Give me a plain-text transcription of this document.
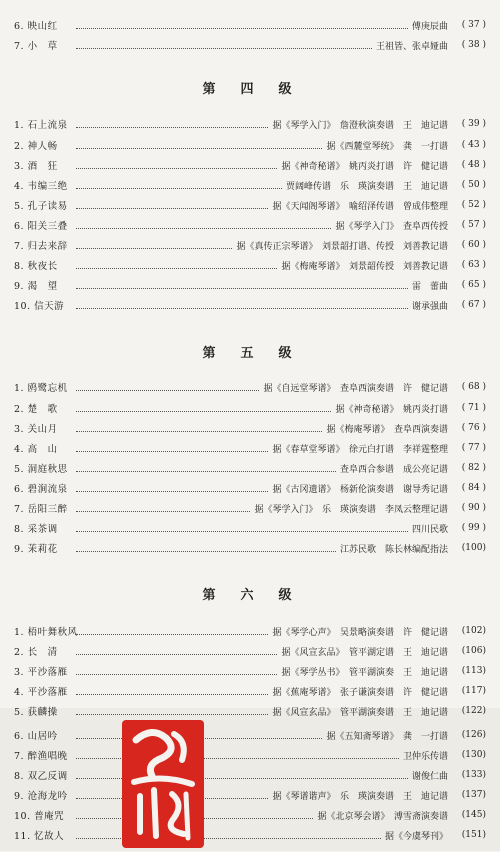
6. 映山红	傅庚辰曲	( 37 )
7. 小　草	王祖皆、张卓娅曲	( 38 )
第　四　级
1. 石上流泉	据《琴学入门》　詹澄秋演奏谱　王　迪记谱	( 39 )
2. 神人畅	据《西麓堂琴统》　龚　一打谱	( 43 )
3. 酒　狂	据《神奇秘谱》　姚丙炎打谱　许　健记谱	( 48 )
4. 韦编三绝	贾阔峰传谱　乐　瑛演奏谱　王　迪记谱	( 50 )
5. 孔子读易	据《天闻阁琴谱》　喻绍泽传谱　曾成伟整理	( 52 )
6. 阳关三叠	据《琴学入门》　查阜西传授	( 57 )
7. 归去来辞	据《真传正宗琴谱》　刘景韶打谱、传授　刘善教记谱	( 60 )
8. 秋夜长	据《梅庵琴谱》　刘景韶传授　刘善教记谱	( 63 )
9. 渴　望	雷　蕾曲	( 65 )
10. 信天游	谢承强曲	( 67 )
第　五　级
1. 鸥鹭忘机	据《自远堂琴谱》　查阜西演奏谱　许　健记谱	( 68 )
2. 楚　歌	据《神奇秘谱》　姚丙炎打谱	( 71 )
3. 关山月	据《梅庵琴谱》　查阜西演奏谱	( 76 )
4. 高　山	据《春草堂琴谱》　徐元白打谱　李祥霆整理	( 77 )
5. 洞庭秋思	查阜西合参谱　成公亮记谱	( 82 )
6. 碧涧流泉	据《古冈遗谱》　杨新伦演奏谱　谢导秀记谱	( 84 )
7. 岳阳三醉	据《琴学入门》　乐　瑛演奏谱　李凤云整理记谱	( 90 )
8. 采茶调	四川民歌	( 99 )
9. 茉莉花	江苏民歌　陈长林编配指法	(100)
第　六　级
1. 梧叶舞秋风	据《琴学心声》　吴景略演奏谱　许　健记谱	(102)
2. 长　清	据《风宣玄品》　管平湖定谱　王　迪记谱	(106)
3. 平沙落雁	据《琴学丛书》　管平湖演奏　王　迪记谱	(113)
4. 平沙落雁	据《蕉庵琴谱》　张子谦演奏谱　许　健记谱	(117)
5. 获麟操	据《风宣玄品》　管平湖演奏谱　王　迪记谱	(122)
6. 山居吟	据《五知斋琴谱》　龚　一打谱	(126)
7. 醉渔唱晚	卫仲乐传谱	(130)
8. 双乙反调	谢俊仁曲	(133)
9. 沧海龙吟	据《琴谱谐声》　乐　瑛演奏谱　王　迪记谱	(137)
10. 普庵咒	据《北京琴会谱》　溥雪斋演奏谱	(145)
11. 忆故人	据《今虞琴刊》	(151)
